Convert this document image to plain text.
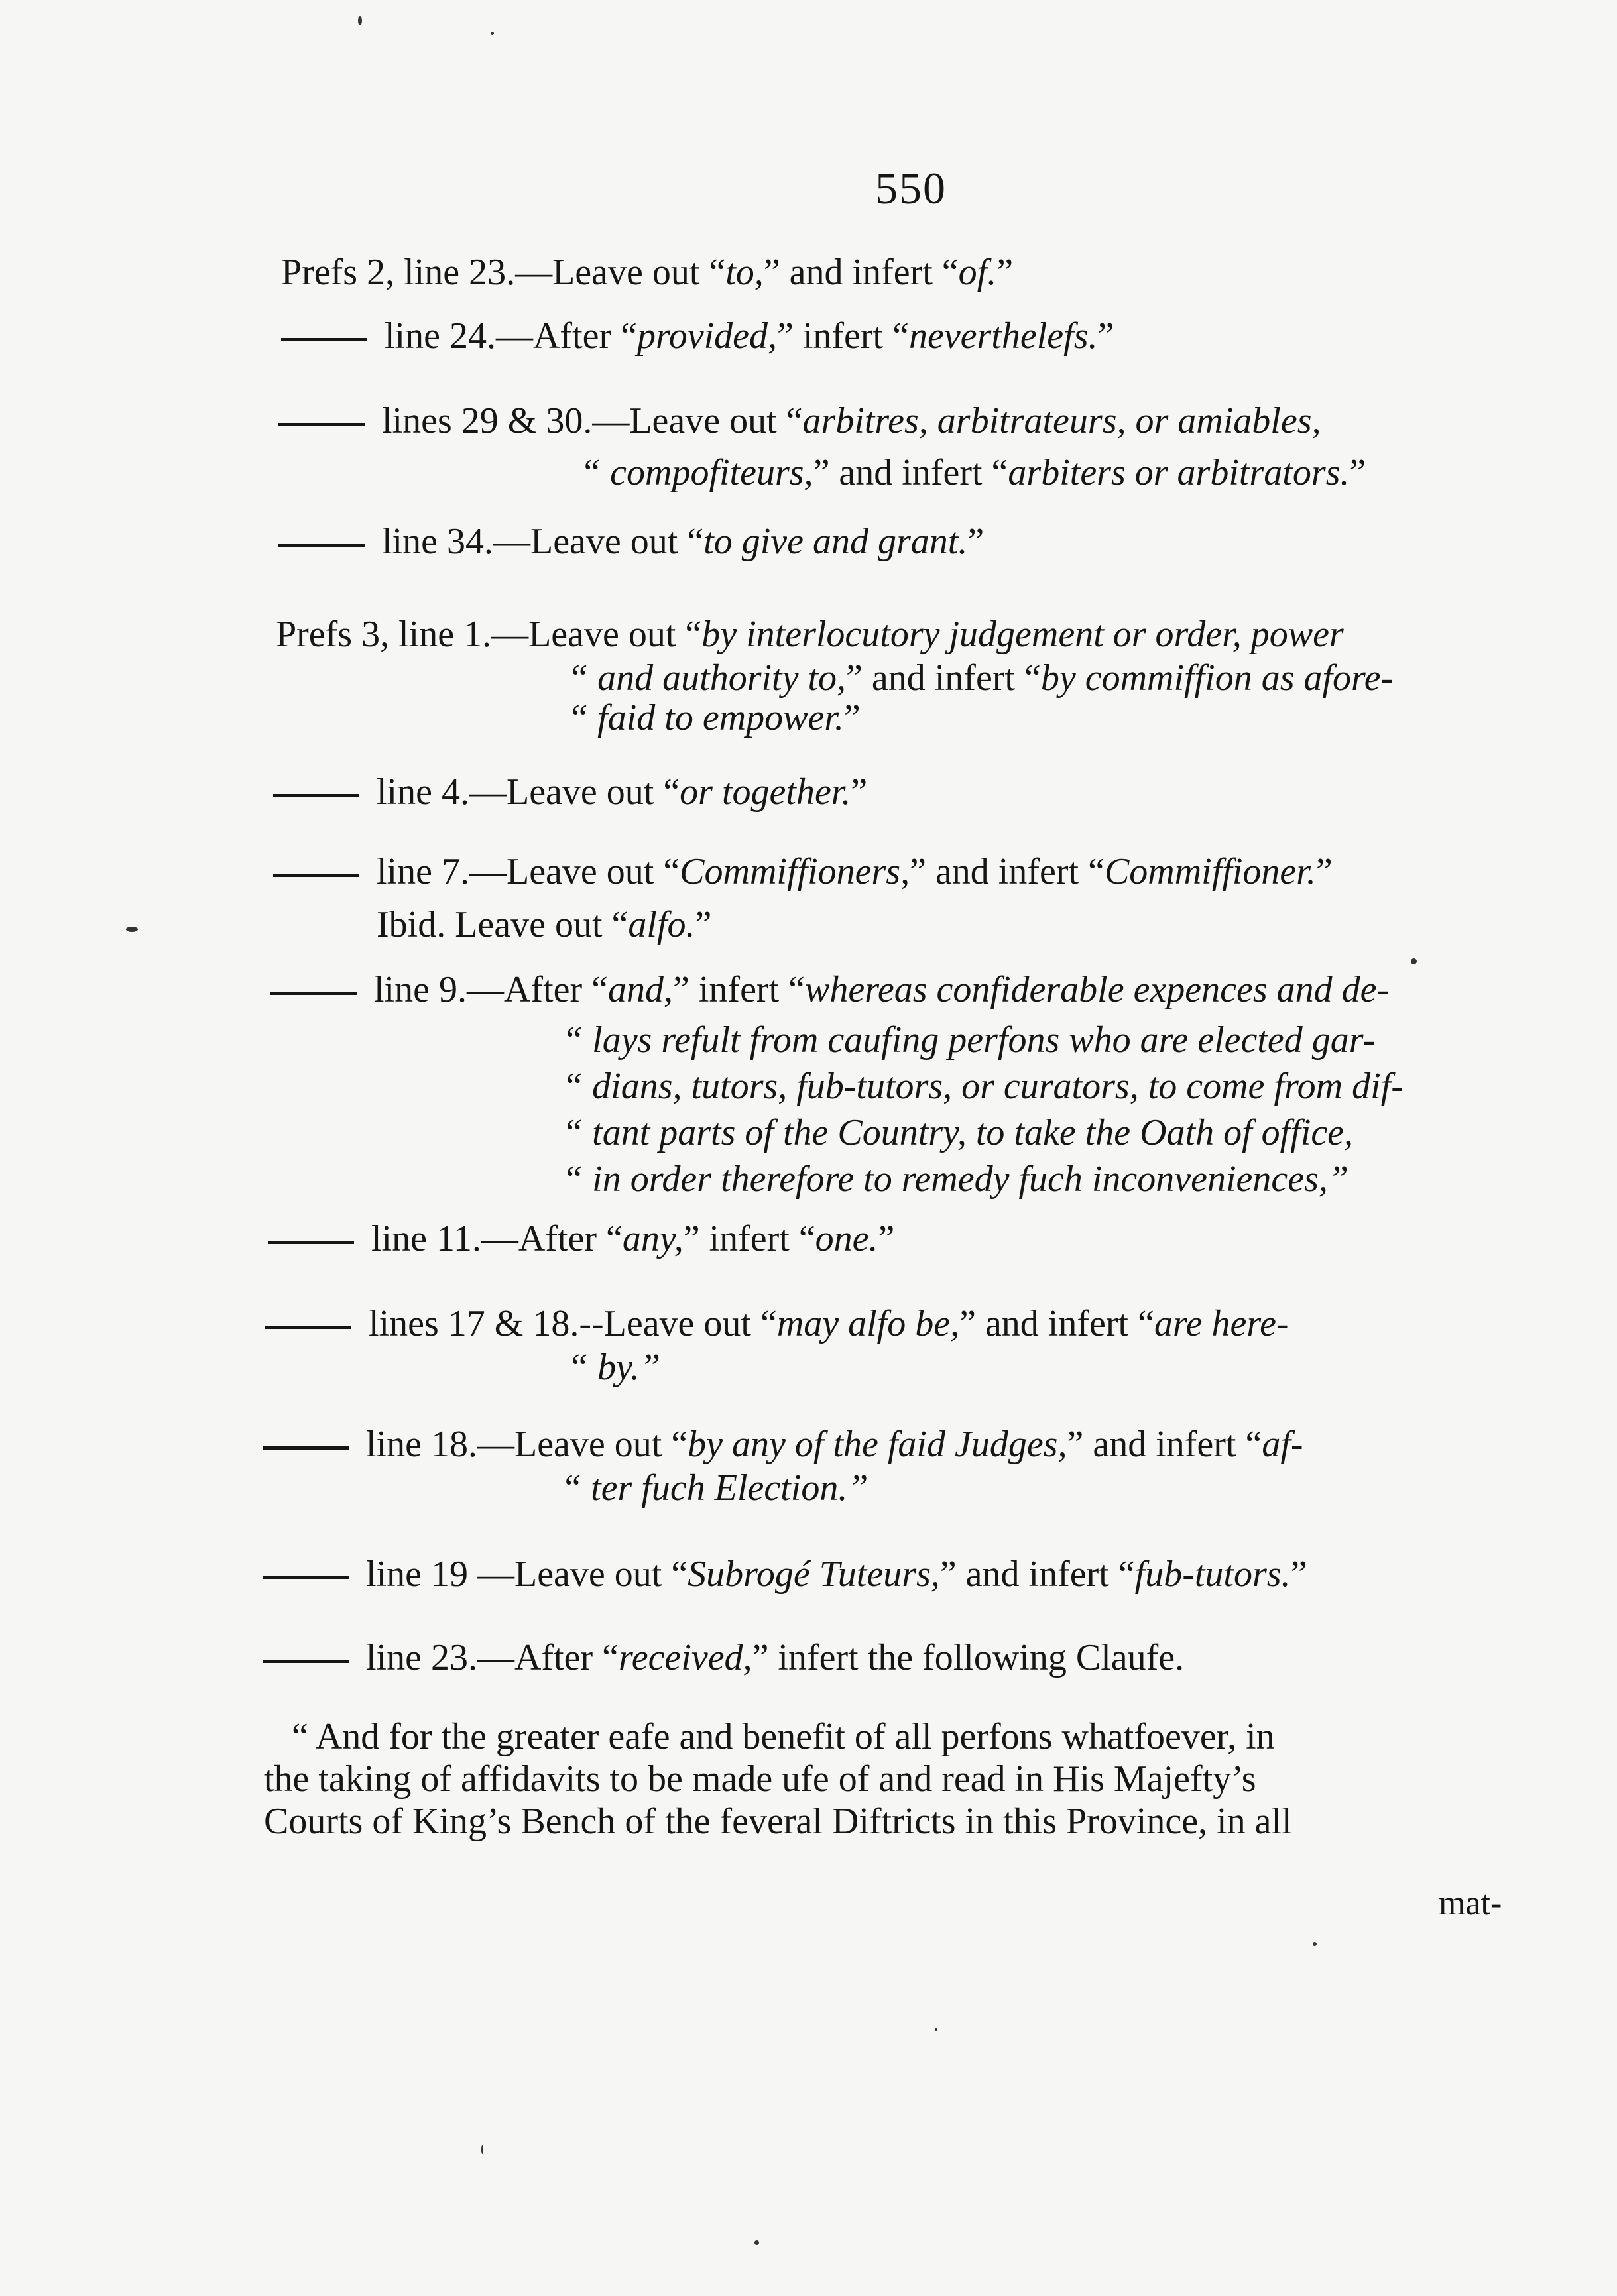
550
Prefs 2, line 23.—Leave out “to,” and infert “of.”
line 24.—After “provided,” infert “neverthelefs.”
lines 29 & 30.—Leave out “arbitres, arbitrateurs, or amiables,
“ compofiteurs,” and infert “arbiters or arbitrators.”
line 34.—Leave out “to give and grant.”
Prefs 3, line 1.—Leave out “by interlocutory judgement or order, power
“ and authority to,” and infert “by commiffion as afore-
“ faid to empower.”
line 4.—Leave out “or together.”
line 7.—Leave out “Commiffioners,” and infert “Commiffioner.”
Ibid. Leave out “alfo.”
line 9.—After “and,” infert “whereas confiderable expences and de-
“ lays refult from caufing perfons who are elected gar-
“ dians, tutors, fub-tutors, or curators, to come from dif-
“ tant parts of the Country, to take the Oath of office,
“ in order therefore to remedy fuch inconveniences,”
line 11.—After “any,” infert “one.”
lines 17 & 18.--Leave out “may alfo be,” and infert “are here-
“ by.”
line 18.—Leave out “by any of the faid Judges,” and infert “af-
“ ter fuch Election.”
line 19 —Leave out “Subrogé Tuteurs,” and infert “fub-tutors.”
line 23.—After “received,” infert the following Claufe.
“ And for the greater eafe and benefit of all perfons whatfoever, in
the taking of affidavits to be made ufe of and read in His Majefty’s
Courts of King’s Bench of the feveral Diftricts in this Province, in all
mat-
